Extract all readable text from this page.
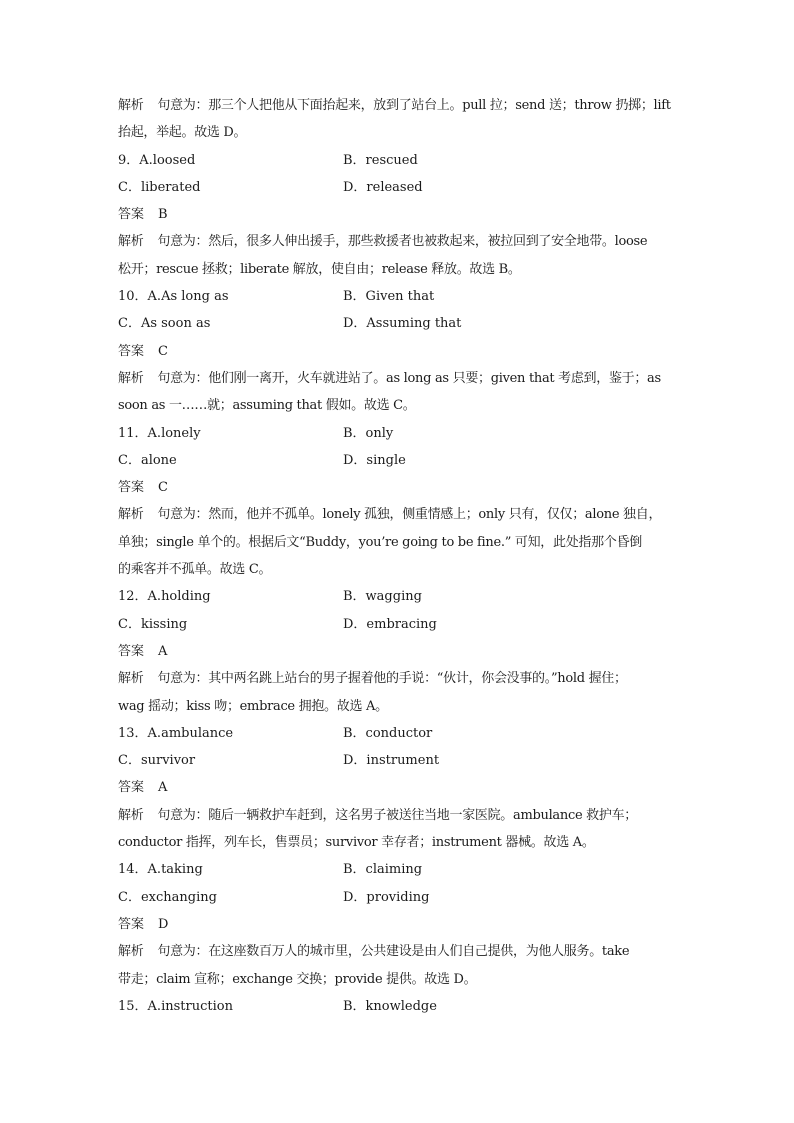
解析 句意为：那三个人把他从下面抬起来，放到了站台上。pull 拉；send 送；throw 扔掷；lift
抬起，举起。故选 D。
9．A.loosed	B．rescued
C．liberated	D．released
答案 B
解析 句意为：然后，很多人伸出援手，那些救援者也被救起来，被拉回到了安全地带。loose
松开；rescue 拯救；liberate 解放，使自由；release 释放。故选 B。
10．A.As long as	B．Given that
C．As soon as	D．Assuming that
答案 C
解析 句意为：他们刚一离开，火车就进站了。as long as 只要；given that 考虑到，鉴于；as
soon as 一……就；assuming that 假如。故选 C。
11．A.lonely	B．only
C．alone	D．single
答案 C
解析 句意为：然而，他并不孤单。lonely 孤独，侧重情感上；only 只有，仅仅；alone 独自，
单独；single 单个的。根据后文“Buddy，you’re going to be fine.” 可知，此处指那个昏倒
的乘客并不孤单。故选 C。
12．A.holding	B．wagging
C．kissing	D．embracing
答案 A
解析 句意为：其中两名跳上站台的男子握着他的手说：“伙计，你会没事的。”hold 握住；
wag 摇动；kiss 吻；embrace 拥抱。故选 A。
13．A.ambulance	B．conductor
C．survivor	D．instrument
答案 A
解析 句意为：随后一辆救护车赶到，这名男子被送往当地一家医院。ambulance 救护车；
conductor 指挥，列车长，售票员；survivor 幸存者；instrument 器械。故选 A。
14．A.taking	B．claiming
C．exchanging	D．providing
答案 D
解析 句意为：在这座数百万人的城市里，公共建设是由人们自己提供，为他人服务。take
带走；claim 宣称；exchange 交换；provide 提供。故选 D。
15．A.instruction	B．knowledge
